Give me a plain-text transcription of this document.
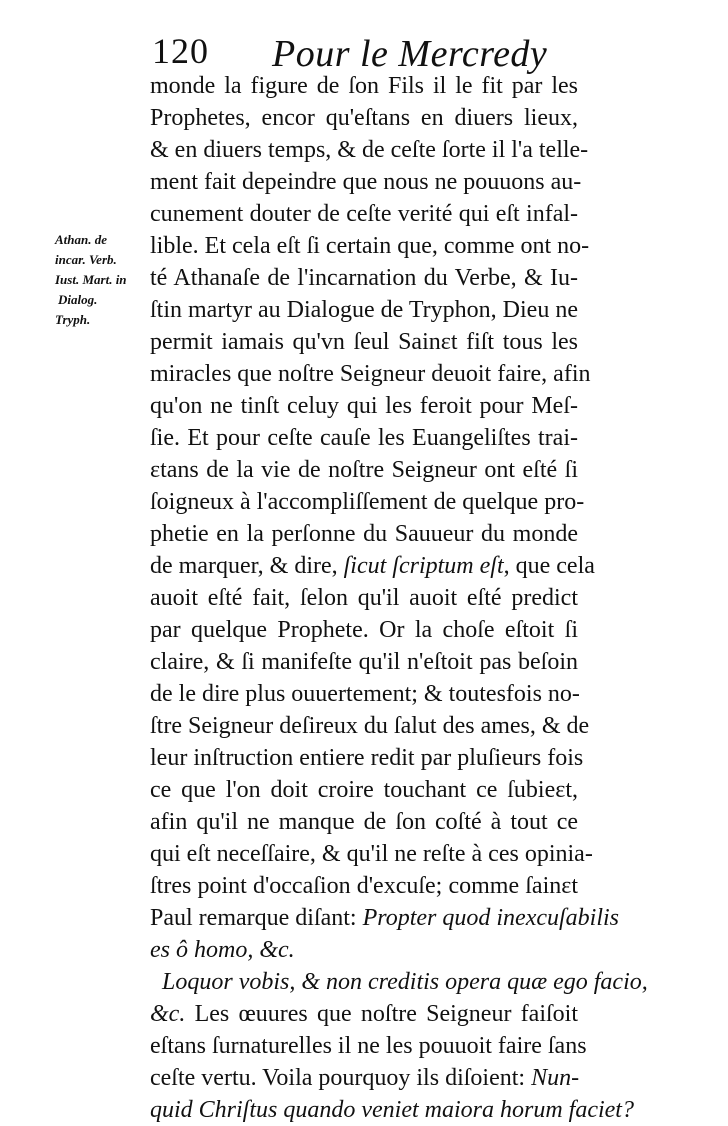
120 Pour le Mercredy
Athan. de
incar. Verb.
Iust. Mart. in
Dialog.
Tryph.
monde la figure de ſon Fils il le fit par les
Prophetes, encor qu'eſtans en diuers lieux,
& en diuers temps, & de ceſte ſorte il l'a telle-
ment fait depeindre que nous ne pouuons au-
cunement douter de ceſte verité qui eſt infal-
lible. Et cela eſt ſi certain que, comme ont no-
té Athanaſe de l'incarnation du Verbe, & Iu-
ſtin martyr au Dialogue de Tryphon, Dieu ne
permit iamais qu'vn ſeul Sainɛt fiſt tous les
miracles que noſtre Seigneur deuoit faire, afin
qu'on ne tinſt celuy qui les feroit pour Meſ-
ſie. Et pour ceſte cauſe les Euangeliſtes trai-
ɛtans de la vie de noſtre Seigneur ont eſté ſi
ſoigneux à l'accompliſſement de quelque pro-
phetie en la perſonne du Sauueur du monde
de marquer, & dire, ſicut ſcriptum eſt, que cela
auoit eſté fait, ſelon qu'il auoit eſté predict
par quelque Prophete. Or la choſe eſtoit ſi
claire, & ſi manifeſte qu'il n'eſtoit pas beſoin
de le dire plus ouuertement; & toutesfois no-
ſtre Seigneur deſireux du ſalut des ames, & de
leur inſtruction entiere redit par pluſieurs fois
ce que l'on doit croire touchant ce ſubieɛt,
afin qu'il ne manque de ſon coſté à tout ce
qui eſt neceſſaire, & qu'il ne reſte à ces opinia-
ſtres point d'occaſion d'excuſe; comme ſainɛt
Paul remarque diſant: Propter quod inexcuſabilis
es ô homo, &c.
Loquor vobis, & non creditis opera quæ ego facio,
&c. Les œuures que noſtre Seigneur faiſoit
eſtans ſurnaturelles il ne les pouuoit faire ſans
ceſte vertu. Voila pourquoy ils diſoient: Nun-
quid Chriſtus quando veniet maiora horum faciet?
